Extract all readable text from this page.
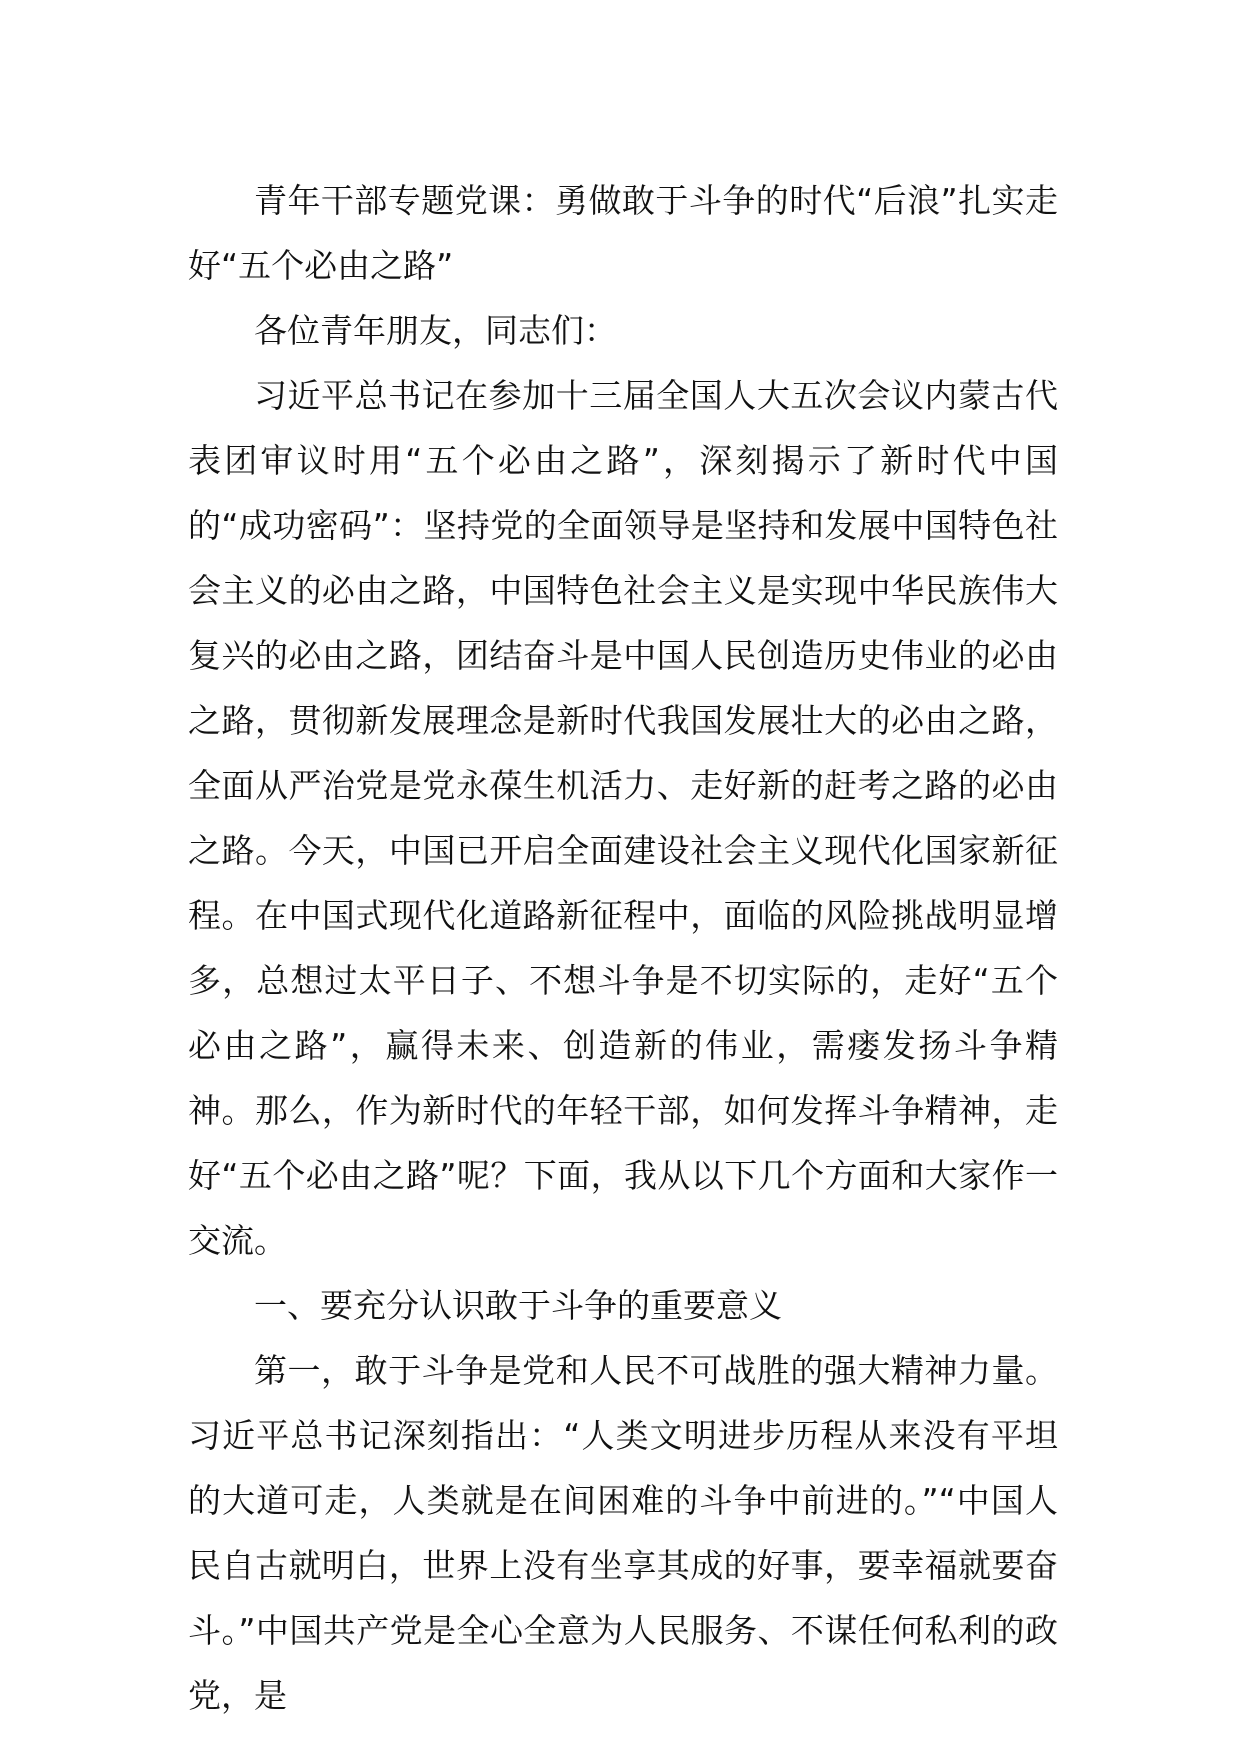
青年干部专题党课：勇做敢于斗争的时代“后浪”扎实走好“五个必由之路”

各位青年朋友，同志们：

习近平总书记在参加十三届全国人大五次会议内蒙古代表团审议时用“五个必由之路”，深刻揭示了新时代中国的“成功密码”：坚持党的全面领导是坚持和发展中国特色社会主义的必由之路，中国特色社会主义是实现中华民族伟大复兴的必由之路，团结奋斗是中国人民创造历史伟业的必由之路，贯彻新发展理念是新时代我国发展壮大的必由之路，全面从严治党是党永葆生机活力、走好新的赶考之路的必由之路。今天，中国已开启全面建设社会主义现代化国家新征程。在中国式现代化道路新征程中，面临的风险挑战明显增多，总想过太平日子、不想斗争是不切实际的，走好“五个必由之路”，赢得未来、创造新的伟业，需瘘发扬斗争精神。那么，作为新时代的年轻干部，如何发挥斗争精神，走好“五个必由之路”呢？下面，我从以下几个方面和大家作一交流。

一、要充分认识敢于斗争的重要意义

第一，敢于斗争是党和人民不可战胜的强大精神力量。习近平总书记深刻指出：“人类文明进步历程从来没有平坦的大道可走，人类就是在间困难的斗争中前进的。”“中国人民自古就明白，世界上没有坐享其成的好事，要幸福就要奋斗。”中国共产党是全心全意为人民服务、不谋任何私利的政党，是
